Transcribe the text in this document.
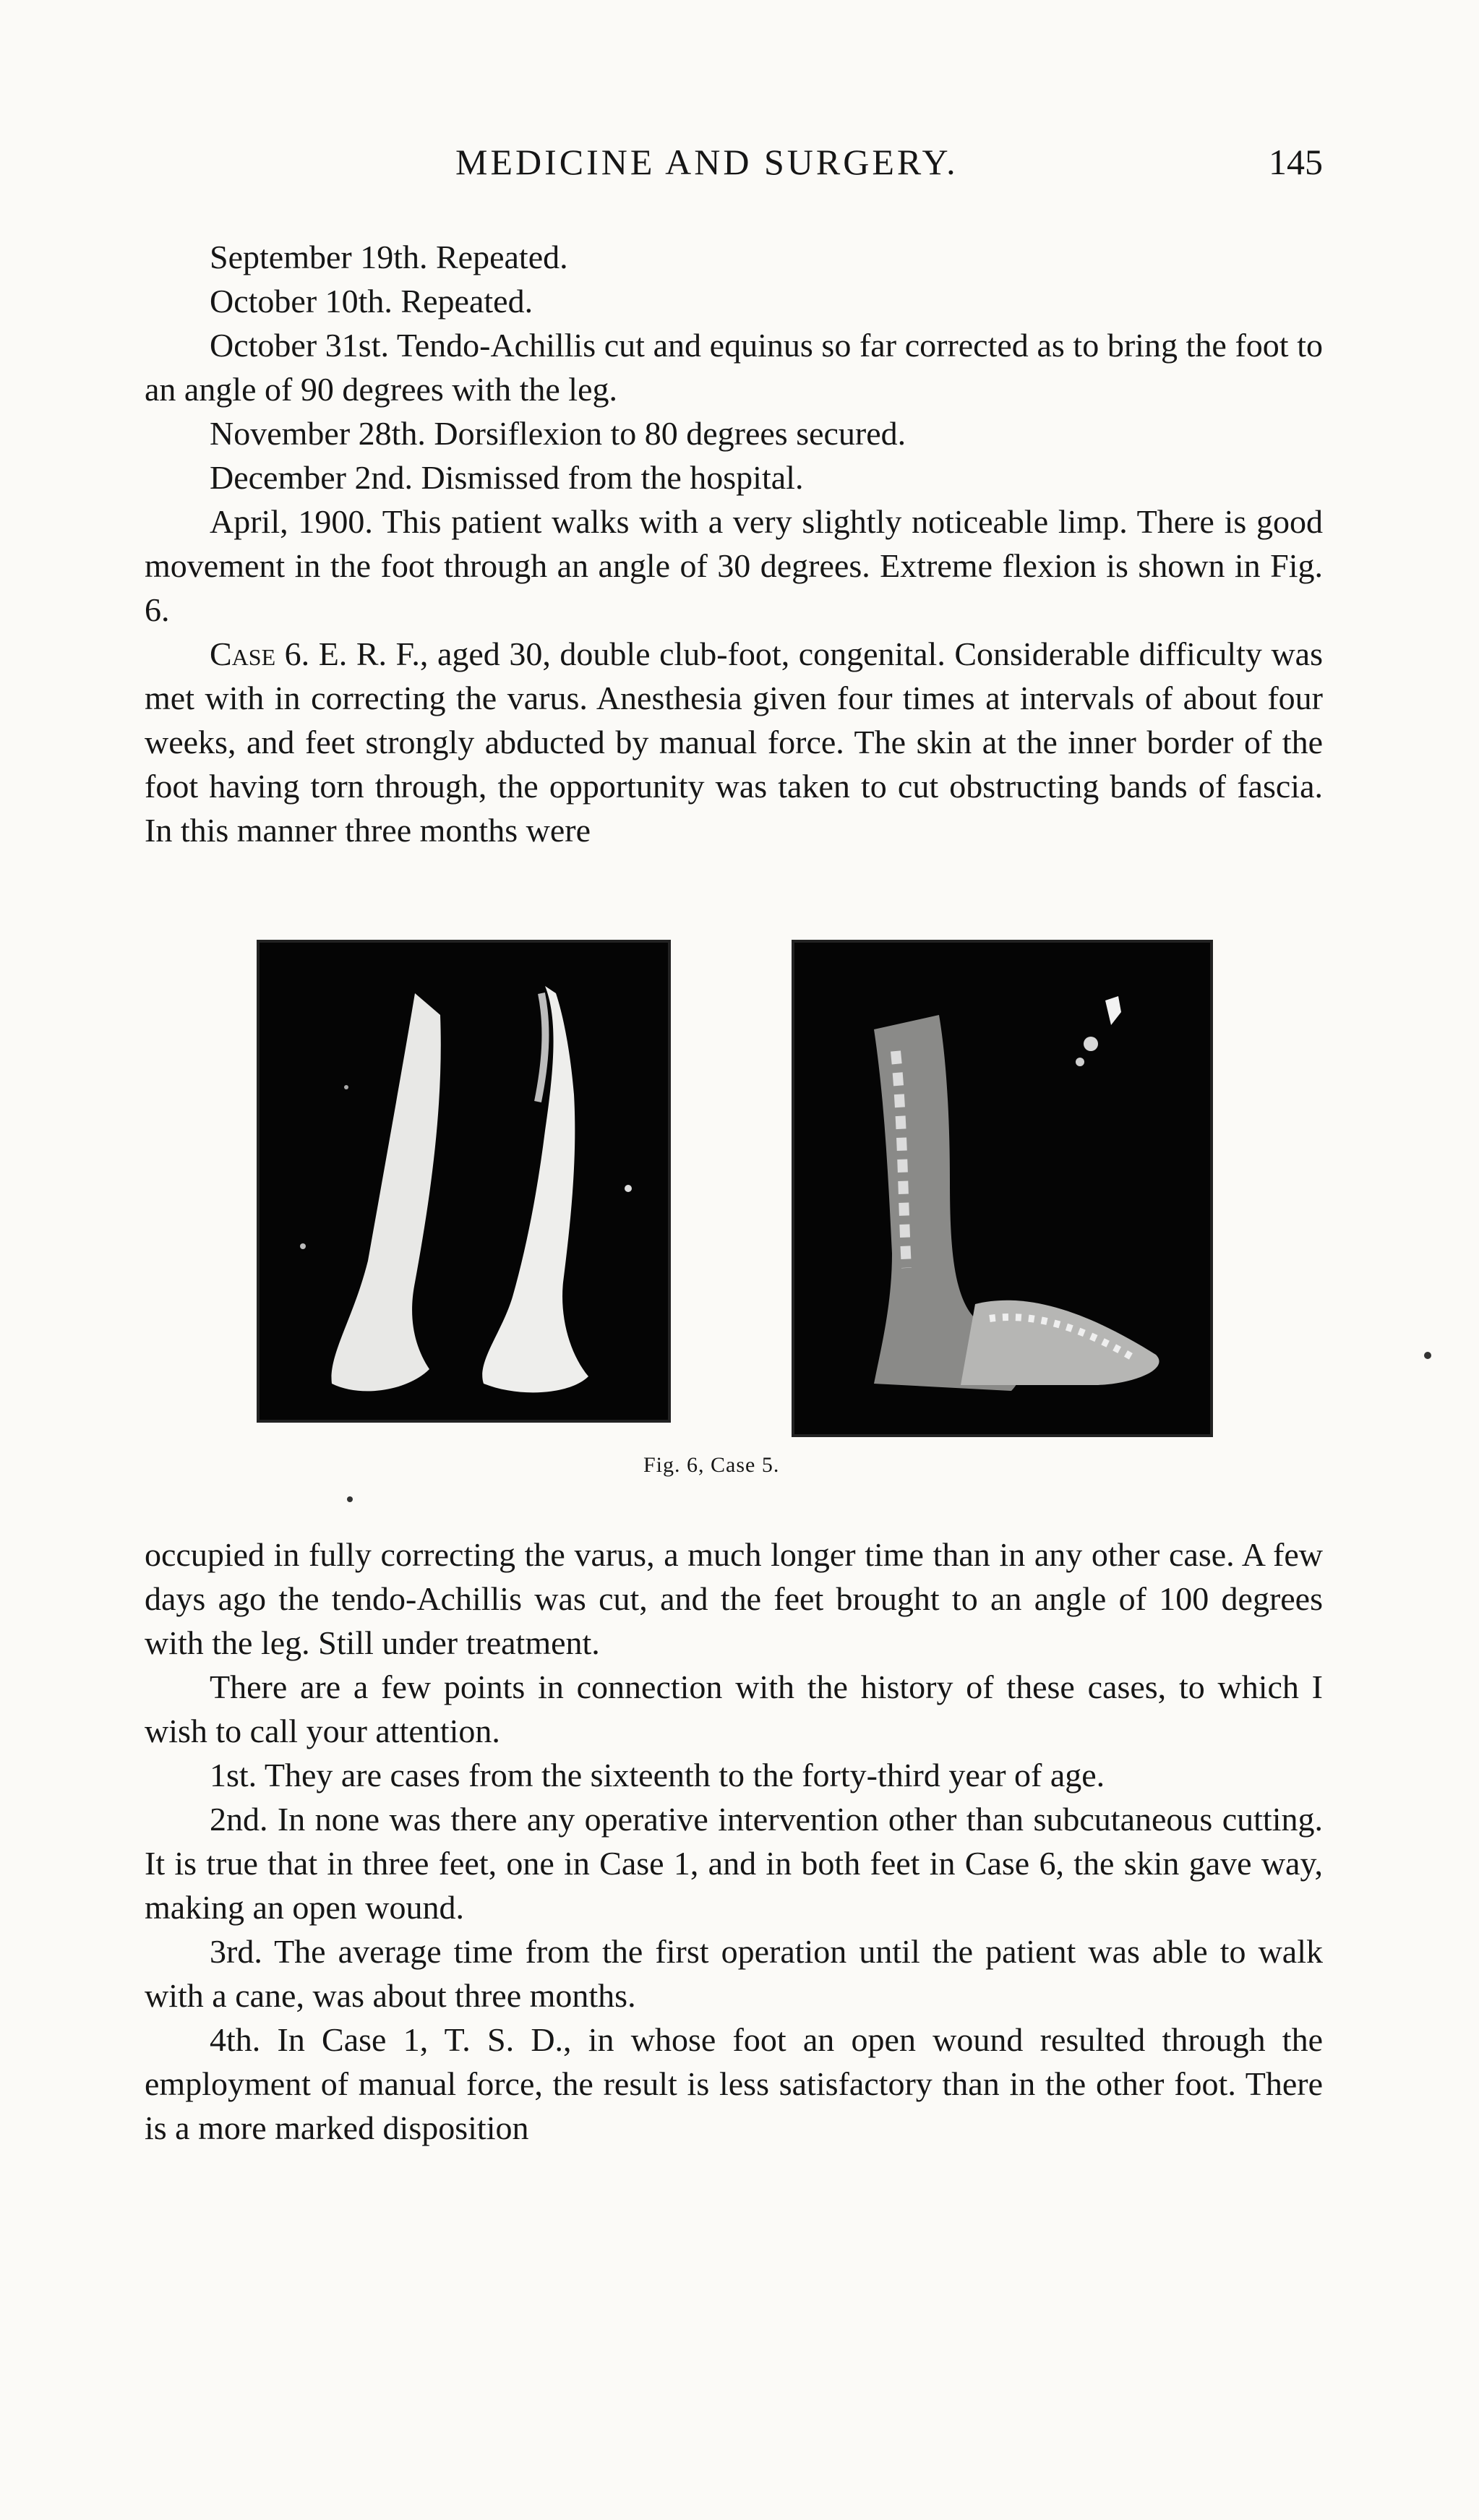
MEDICINE AND SURGERY.	145

September 19th. Repeated.

October 10th. Repeated.

October 31st. Tendo-Achillis cut and equinus so far corrected as to bring the foot to an angle of 90 degrees with the leg.

November 28th. Dorsiflexion to 80 degrees secured.

December 2nd. Dismissed from the hospital.

April, 1900. This patient walks with a very slightly noticeable limp. There is good movement in the foot through an angle of 30 degrees. Extreme flexion is shown in Fig. 6.

Case 6. E. R. F., aged 30, double club-foot, congenital. Considerable difficulty was met with in correcting the varus. Anesthesia given four times at intervals of about four weeks, and feet strongly abducted by manual force. The skin at the inner border of the foot having torn through, the opportunity was taken to cut obstructing bands of fascia. In this manner three months were

Fig. 6, Case 5.

occupied in fully correcting the varus, a much longer time than in any other case. A few days ago the tendo-Achillis was cut, and the feet brought to an angle of 100 degrees with the leg. Still under treatment.

There are a few points in connection with the history of these cases, to which I wish to call your attention.

1st. They are cases from the sixteenth to the forty-third year of age.

2nd. In none was there any operative intervention other than subcutaneous cutting. It is true that in three feet, one in Case 1, and in both feet in Case 6, the skin gave way, making an open wound.

3rd. The average time from the first operation until the patient was able to walk with a cane, was about three months.

4th. In Case 1, T. S. D., in whose foot an open wound resulted through the employment of manual force, the result is less satisfactory than in the other foot. There is a more marked disposition
